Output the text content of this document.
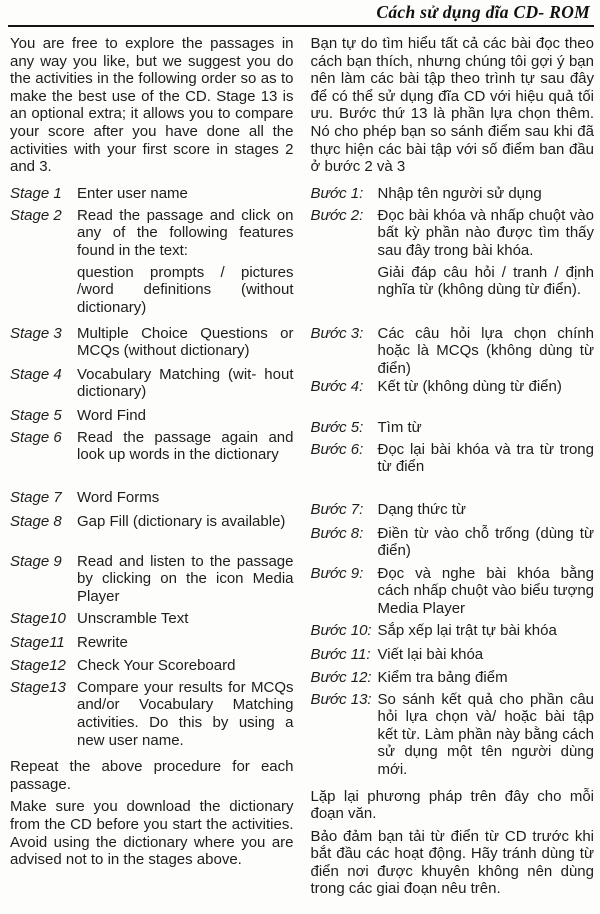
Cách sử dụng dĩa CD- ROM

You are free to explore the passages in any way you like, but we suggest you do the activities in the following order so as to make the best use of the CD. Stage 13 is an optional extra; it allows you to compare your score after you have done all the activities with your first score in stages 2 and 3.

Stage 1	Enter user name
Stage 2	Read the passage and click on any of the following features found in the text:
question prompts / pictures /word definitions (without dictionary)
Stage 3	Multiple Choice Questions or MCQs (without dictionary)
Stage 4	Vocabulary Matching (wit- hout dictionary)
Stage 5	Word Find
Stage 6	Read the passage again and look up words in the dictionary
Stage 7	Word Forms
Stage 8	Gap Fill (dictionary is available)
Stage 9	Read and listen to the passage by clicking on the icon Media Player
Stage10 Unscramble Text
Stage11 Rewrite
Stage12 Check Your Scoreboard
Stage13 Compare your results for MCQs and/or Vocabulary Matching activities. Do this by using a new user name.

Repeat the above procedure for each passage.

Make sure you download the dictionary from the CD before you start the activities. Avoid using the dictionary where you are advised not to in the stages above.

Bạn tự do tìm hiểu tất cả các bài đọc theo cách bạn thích, nhưng chúng tôi gợi ý bạn nên làm các bài tập theo trình tự sau đây để có thể sử dụng đĩa CD với hiệu quả tối ưu. Bước thứ 13 là phần lựa chọn thêm. Nó cho phép bạn so sánh điểm sau khi đã thực hiện các bài tập với số điểm ban đầu ở bước 2 và 3

Bước 1: Nhập tên người sử dụng
Bước 2: Đọc bài khóa và nhấp chuột vào bất kỳ phần nào được tìm thấy sau đây trong bài khóa.
Giải đáp câu hỏi / tranh / định nghĩa từ (không dùng từ điển).
Bước 3: Các câu hỏi lựa chọn chính hoặc là MCQs (không dùng từ điển)
Bước 4: Kết từ (không dùng từ điển)
Bước 5: Tìm từ
Bước 6: Đọc lại bài khóa và tra từ trong từ điển
Bước 7: Dạng thức từ
Bước 8: Điền từ vào chỗ trống (dùng từ điển)
Bước 9: Đọc và nghe bài khóa bằng cách nhấp chuột vào biểu tượng Media Player
Bước 10: Sắp xếp lại trật tự bài khóa
Bước 11: Viết lại bài khóa
Bước 12: Kiểm tra bảng điểm
Bước 13: So sánh kết quả cho phần câu hỏi lựa chọn và/ hoặc bài tập kết từ. Làm phần này bằng cách sử dụng một tên người dùng mới.

Lặp lại phương pháp trên đây cho mỗi đoạn văn.

Bảo đảm bạn tải từ điển từ CD trước khi bắt đầu các hoạt động. Hãy tránh dùng từ điển nơi được khuyên không nên dùng trong các giai đoạn nêu trên.
